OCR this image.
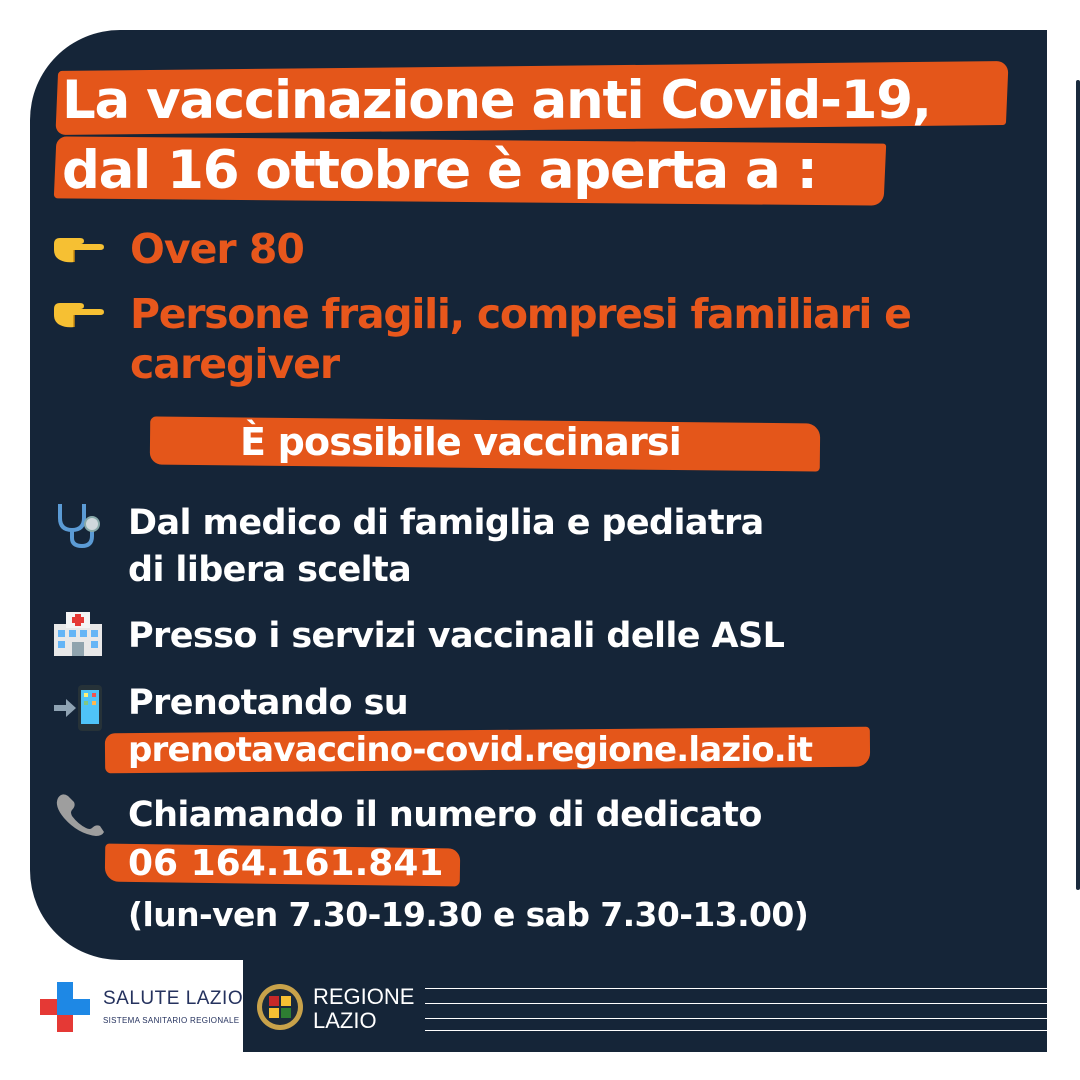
La vaccinazione anti Covid-19,
dal 16 ottobre è aperta a :
Over 80
Persone fragili, compresi familiari e
caregiver
È possibile vaccinarsi
Dal medico di famiglia e pediatra
di libera scelta
Presso i servizi vaccinali delle ASL
Prenotando su
prenotavaccino-covid.regione.lazio.it
Chiamando il numero di dedicato
06 164.161.841
(lun-ven 7.30-19.30 e sab 7.30-13.00)
SALUTE LAZIO
SISTEMA SANITARIO REGIONALE
REGIONE
LAZIO
